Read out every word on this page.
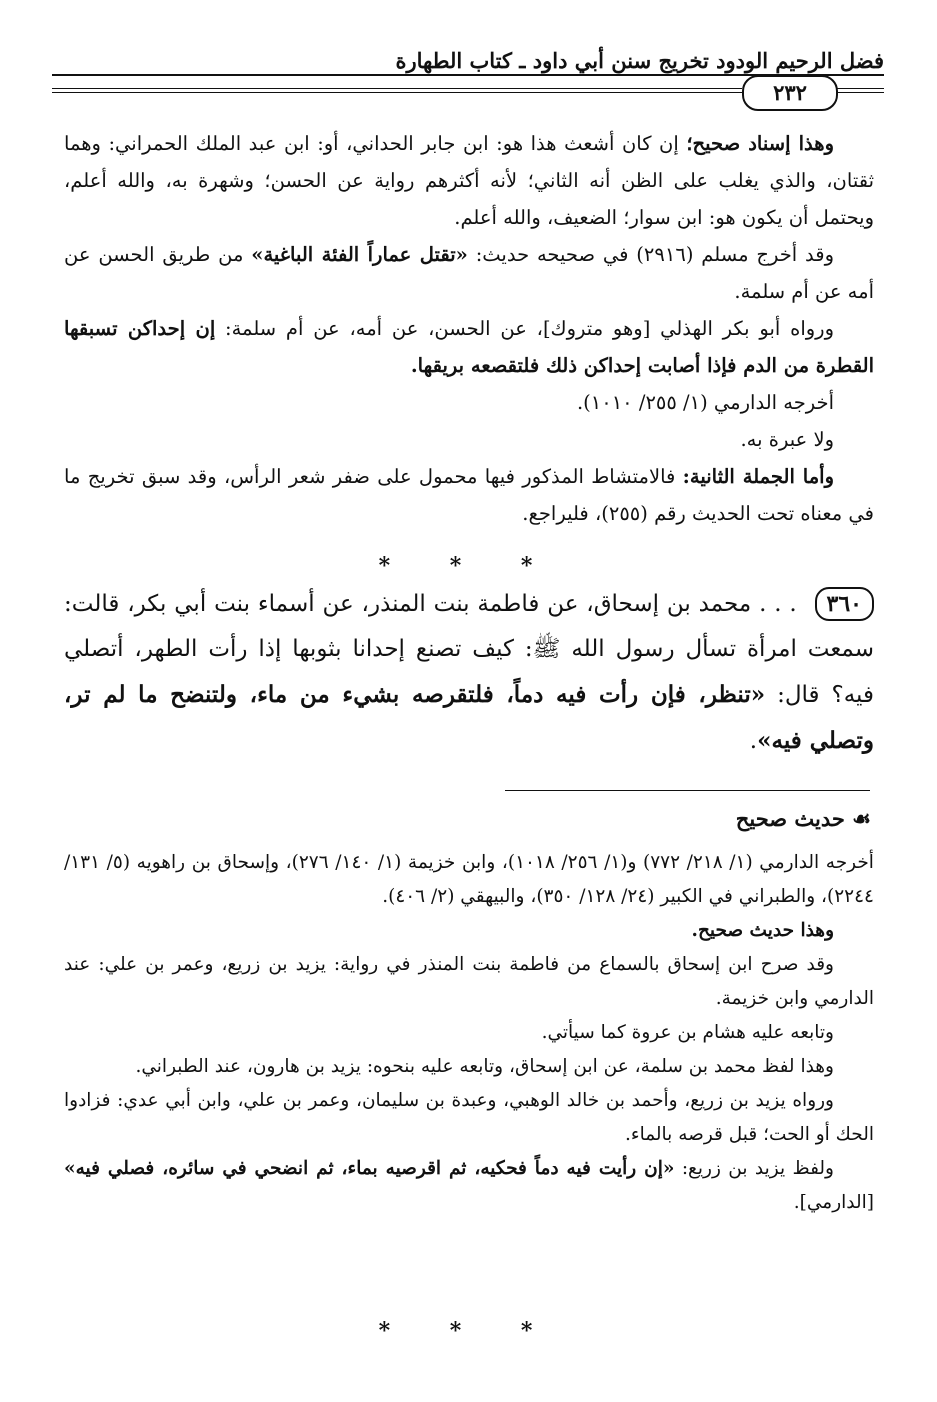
فضل الرحيم الودود تخريج سنن أبي داود ـ كتاب الطهارة
٢٣٢

وهذا إسناد صحيح؛ إن كان أشعث هذا هو: ابن جابر الحداني، أو: ابن عبد الملك الحمراني: وهما ثقتان، والذي يغلب على الظن أنه الثاني؛ لأنه أكثرهم رواية عن الحسن؛ وشهرة به، والله أعلم، ويحتمل أن يكون هو: ابن سوار؛ الضعيف، والله أعلم.

وقد أخرج مسلم (٢٩١٦) في صحيحه حديث: «تقتل عماراً الفئة الباغية» من طريق الحسن عن أمه عن أم سلمة.

ورواه أبو بكر الهذلي [وهو متروك]، عن الحسن، عن أمه، عن أم سلمة: إن إحداكن تسبقها القطرة من الدم فإذا أصابت إحداكن ذلك فلتقصعه بريقها.

أخرجه الدارمي (١/ ٢٥٥/ ١٠١٠).

ولا عبرة به.

وأما الجملة الثانية: فالامتشاط المذكور فيها محمول على ضفر شعر الرأس، وقد سبق تخريج ما في معناه تحت الحديث رقم (٢٥٥)، فليراجع.

* * *
٣٦٠ . . . محمد بن إسحاق، عن فاطمة بنت المنذر، عن أسماء بنت أبي بكر، قالت: سمعت امرأة تسأل رسول الله ﷺ: كيف تصنع إحدانا بثوبها إذا رأت الطهر، أتصلي فيه؟ قال: «تنظر، فإن رأت فيه دماً، فلتقرصه بشيء من ماء، ولتنضح ما لم تر، وتصلي فيه».
☙ حديث صحيح

أخرجه الدارمي (١/ ٢١٨/ ٧٧٢) و(١/ ٢٥٦/ ١٠١٨)، وابن خزيمة (١/ ١٤٠/ ٢٧٦)، وإسحاق بن راهويه (٥/ ١٣١/ ٢٢٤٤)، والطبراني في الكبير (٢٤/ ١٢٨/ ٣٥٠)، والبيهقي (٢/ ٤٠٦).

وهذا حديث صحيح.

وقد صرح ابن إسحاق بالسماع من فاطمة بنت المنذر في رواية: يزيد بن زريع، وعمر بن علي: عند الدارمي وابن خزيمة.

وتابعه عليه هشام بن عروة كما سيأتي.

وهذا لفظ محمد بن سلمة، عن ابن إسحاق، وتابعه عليه بنحوه: يزيد بن هارون، عند الطبراني.

ورواه يزيد بن زريع، وأحمد بن خالد الوهبي، وعبدة بن سليمان، وعمر بن علي، وابن أبي عدي: فزادوا الحك أو الحت؛ قبل قرصه بالماء.

ولفظ يزيد بن زريع: «إن رأيت فيه دماً فحكيه، ثم اقرصيه بماء، ثم انضحي في سائره، فصلي فيه» [الدارمي].

* * *
